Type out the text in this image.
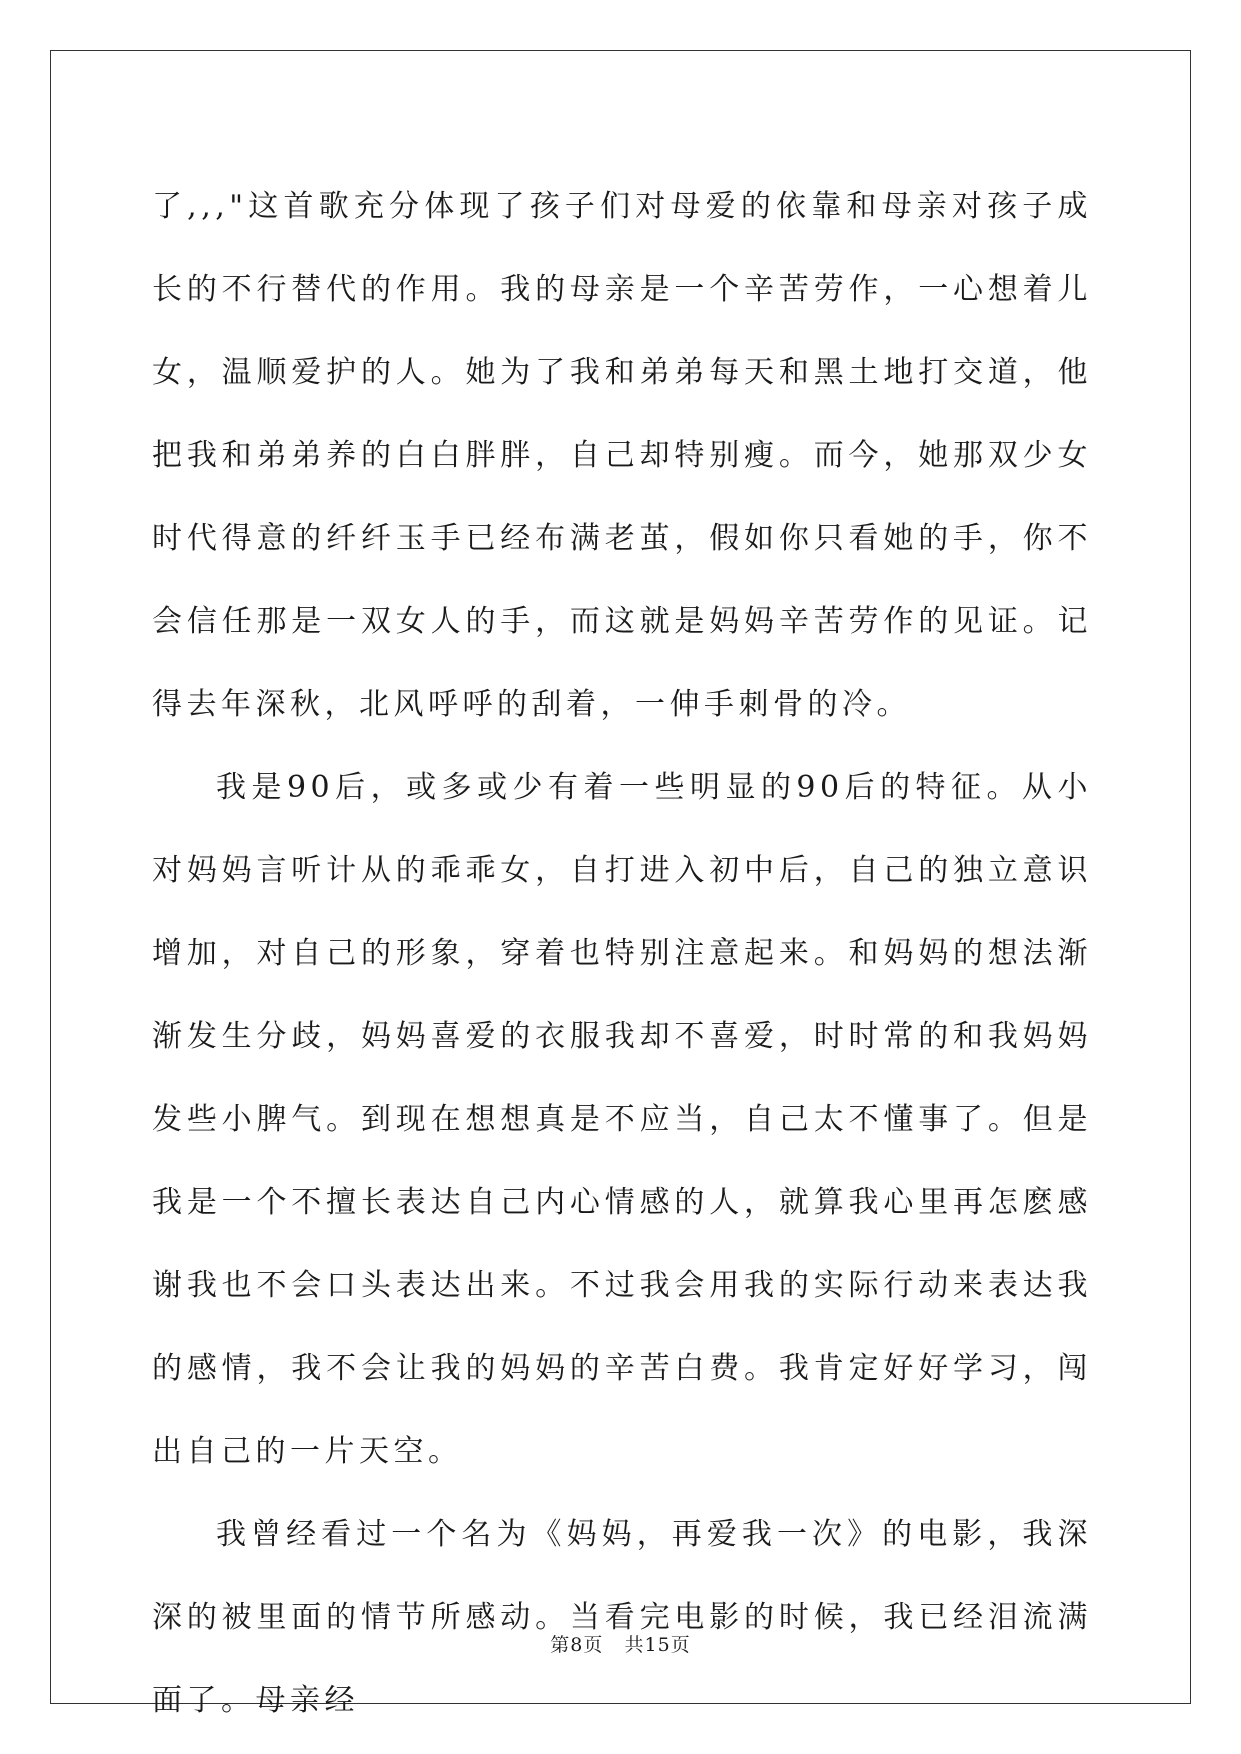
了,,,"这首歌充分体现了孩子们对母爱的依靠和母亲对孩子成长的不行替代的作用。我的母亲是一个辛苦劳作，一心想着儿女，温顺爱护的人。她为了我和弟弟每天和黑土地打交道，他把我和弟弟养的白白胖胖，自己却特别瘦。而今，她那双少女时代得意的纤纤玉手已经布满老茧，假如你只看她的手，你不会信任那是一双女人的手，而这就是妈妈辛苦劳作的见证。记得去年深秋，北风呼呼的刮着，一伸手刺骨的冷。

我是90后，或多或少有着一些明显的90后的特征。从小对妈妈言听计从的乖乖女，自打进入初中后，自己的独立意识增加，对自己的形象，穿着也特别注意起来。和妈妈的想法渐渐发生分歧，妈妈喜爱的衣服我却不喜爱，时时常的和我妈妈发些小脾气。到现在想想真是不应当，自己太不懂事了。但是我是一个不擅长表达自己内心情感的人，就算我心里再怎麽感谢我也不会口头表达出来。不过我会用我的实际行动来表达我的感情，我不会让我的妈妈的辛苦白费。我肯定好好学习，闯出自己的一片天空。

我曾经看过一个名为《妈妈，再爱我一次》的电影，我深深的被里面的情节所感动。当看完电影的时候，我已经泪流满面了。母亲经

第8页 共15页
